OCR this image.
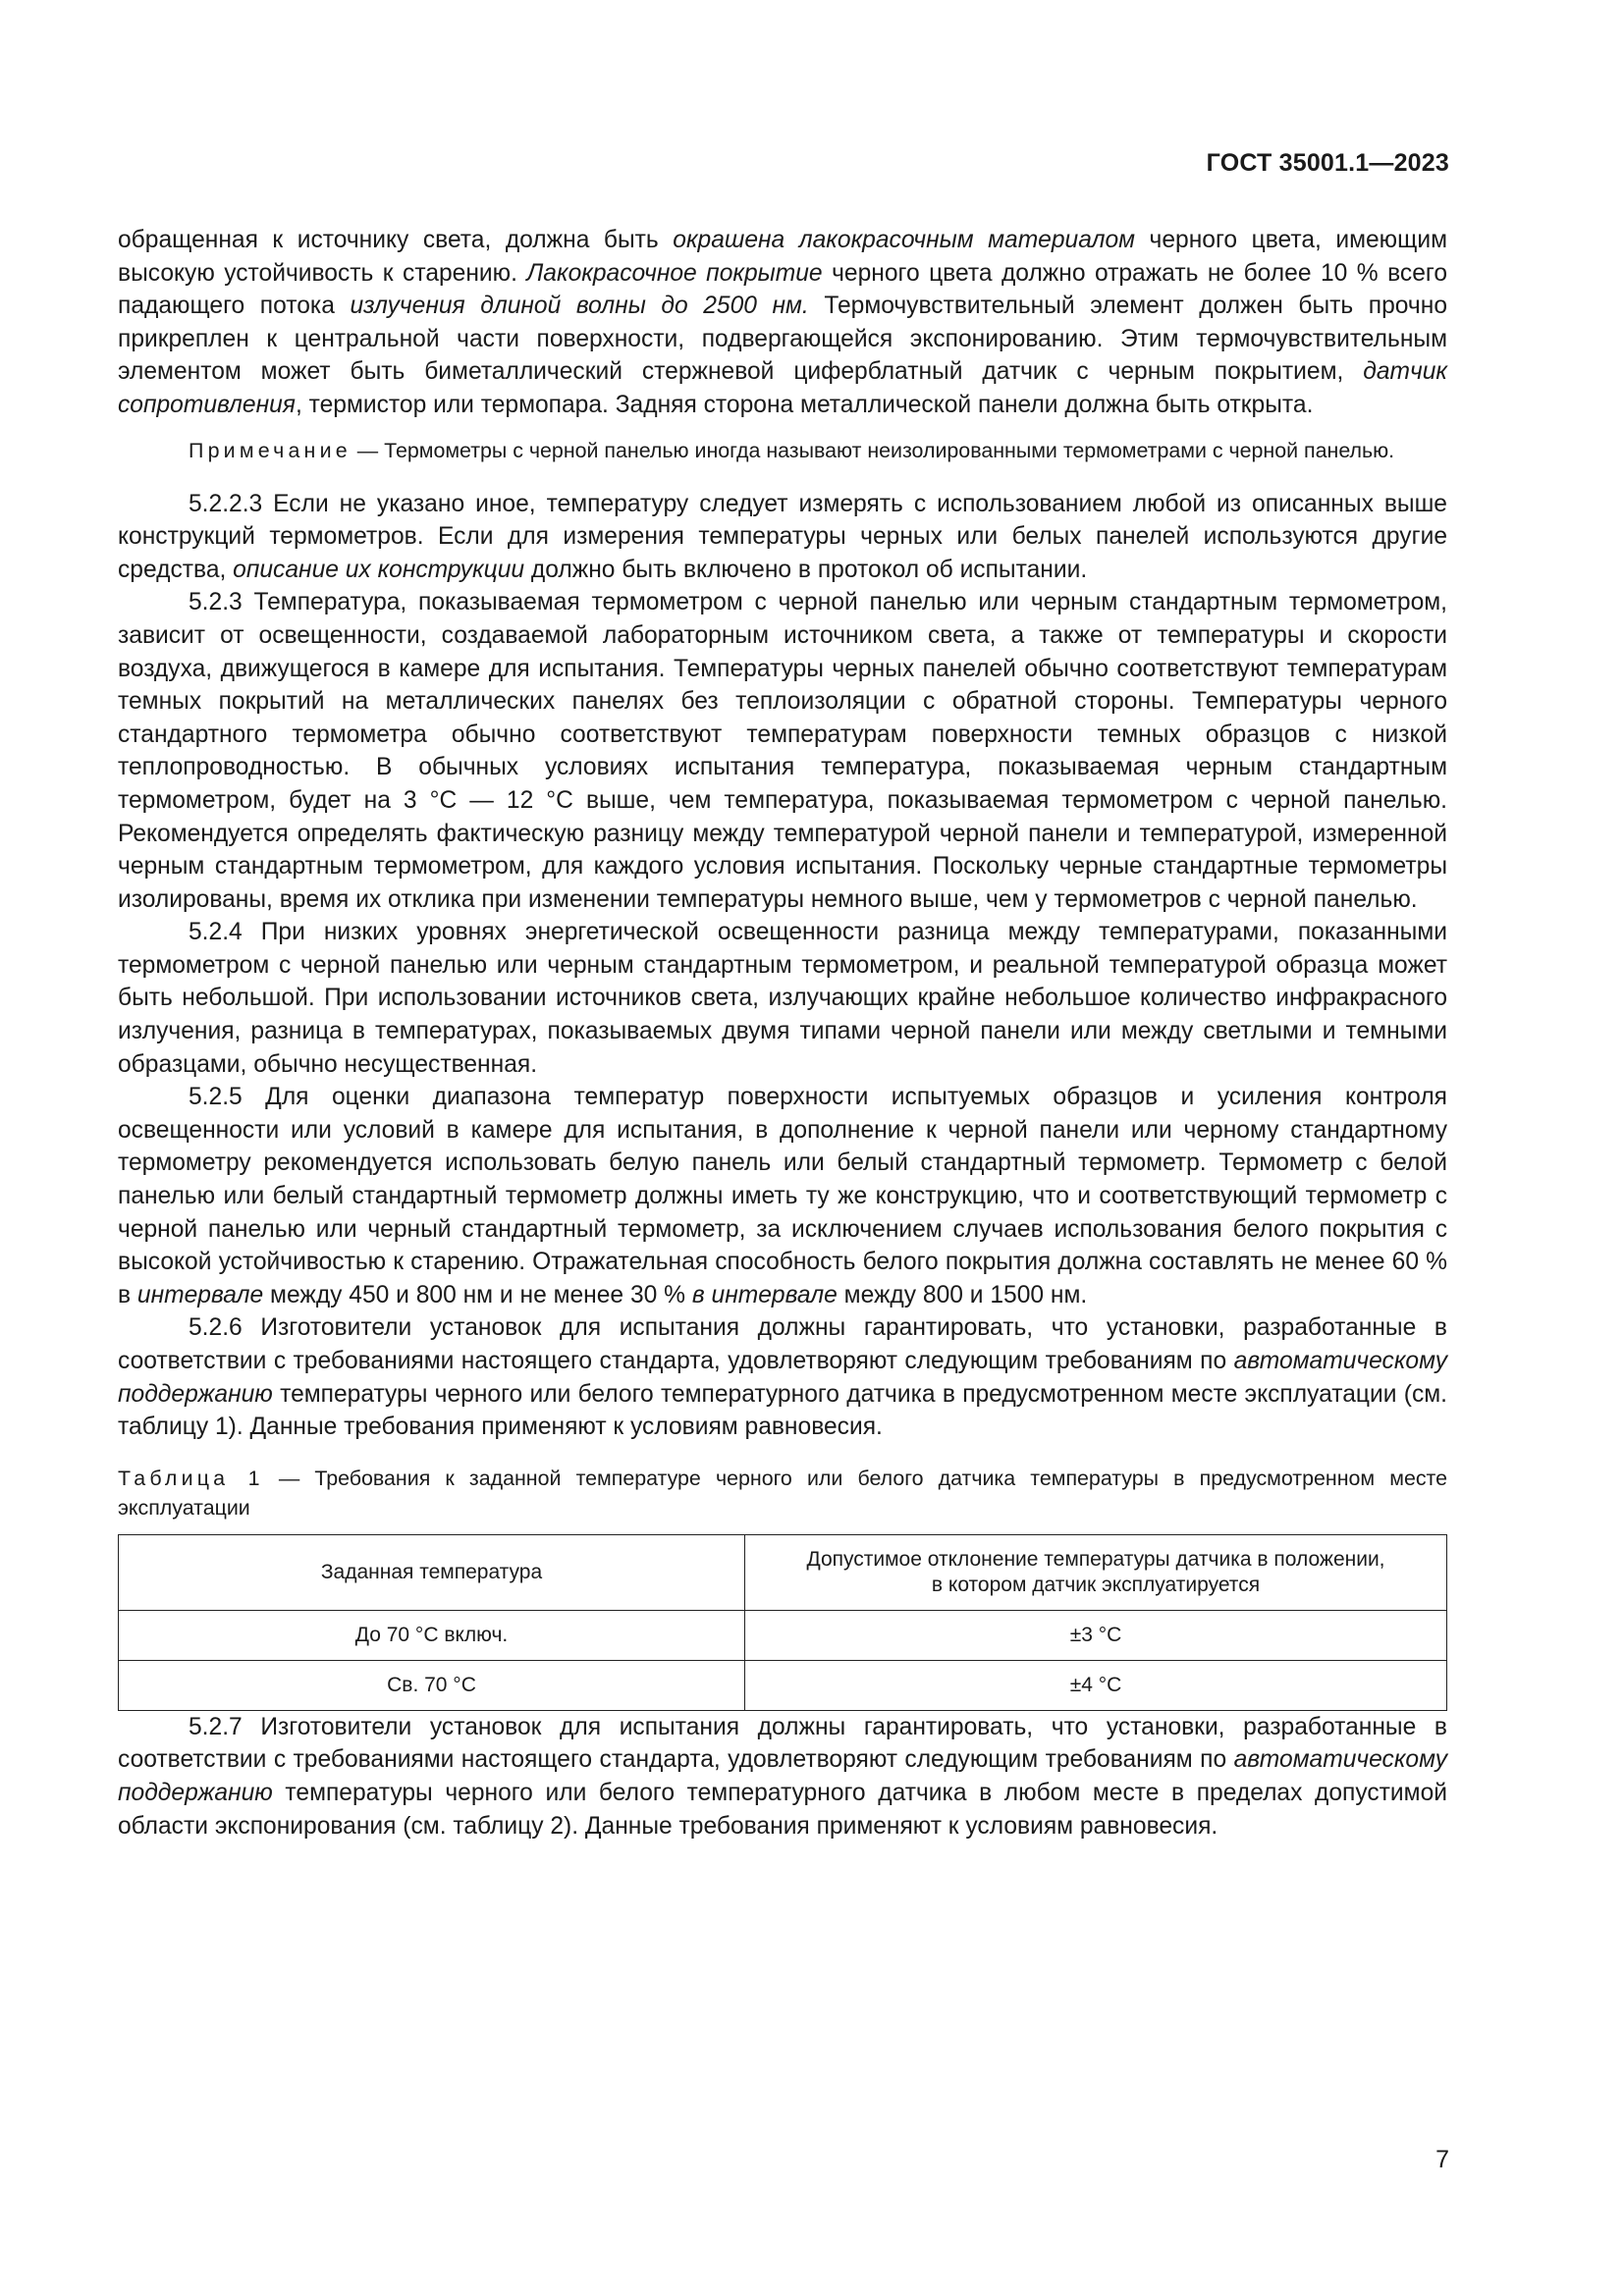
ГОСТ 35001.1—2023

обращенная к источнику света, должна быть окрашена лакокрасочным материалом черного цвета, имеющим высокую устойчивость к старению. Лакокрасочное покрытие черного цвета должно отражать не более 10 % всего падающего потока излучения длиной волны до 2500 нм. Термочувствительный элемент должен быть прочно прикреплен к центральной части поверхности, подвергающейся экспонированию. Этим термочувствительным элементом может быть биметаллический стержневой циферблатный датчик с черным покрытием, датчик сопротивления, термистор или термопара. Задняя сторона металлической панели должна быть открыта.

Примечание — Термометры с черной панелью иногда называют неизолированными термометрами с черной панелью.

5.2.2.3 Если не указано иное, температуру следует измерять с использованием любой из описанных выше конструкций термометров. Если для измерения температуры черных или белых панелей используются другие средства, описание их конструкции должно быть включено в протокол об испытании.

5.2.3 Температура, показываемая термометром с черной панелью или черным стандартным термометром, зависит от освещенности, создаваемой лабораторным источником света, а также от температуры и скорости воздуха, движущегося в камере для испытания. Температуры черных панелей обычно соответствуют температурам темных покрытий на металлических панелях без теплоизоляции с обратной стороны. Температуры черного стандартного термометра обычно соответствуют температурам поверхности темных образцов с низкой теплопроводностью. В обычных условиях испытания температура, показываемая черным стандартным термометром, будет на 3 °С — 12 °С выше, чем температура, показываемая термометром с черной панелью. Рекомендуется определять фактическую разницу между температурой черной панели и температурой, измеренной черным стандартным термометром, для каждого условия испытания. Поскольку черные стандартные термометры изолированы, время их отклика при изменении температуры немного выше, чем у термометров с черной панелью.

5.2.4 При низких уровнях энергетической освещенности разница между температурами, показанными термометром с черной панелью или черным стандартным термометром, и реальной температурой образца может быть небольшой. При использовании источников света, излучающих крайне небольшое количество инфракрасного излучения, разница в температурах, показываемых двумя типами черной панели или между светлыми и темными образцами, обычно несущественная.

5.2.5 Для оценки диапазона температур поверхности испытуемых образцов и усиления контроля освещенности или условий в камере для испытания, в дополнение к черной панели или черному стандартному термометру рекомендуется использовать белую панель или белый стандартный термометр. Термометр с белой панелью или белый стандартный термометр должны иметь ту же конструкцию, что и соответствующий термометр с черной панелью или черный стандартный термометр, за исключением случаев использования белого покрытия с высокой устойчивостью к старению. Отражательная способность белого покрытия должна составлять не менее 60 % в интервале между 450 и 800 нм и не менее 30 % в интервале между 800 и 1500 нм.

5.2.6 Изготовители установок для испытания должны гарантировать, что установки, разработанные в соответствии с требованиями настоящего стандарта, удовлетворяют следующим требованиям по автоматическому поддержанию температуры черного или белого температурного датчика в предусмотренном месте эксплуатации (см. таблицу 1). Данные требования применяют к условиям равновесия.

Таблица 1 — Требования к заданной температуре черного или белого датчика температуры в предусмотренном месте эксплуатации

Заданная температура	Допустимое отклонение температуры датчика в положении,
в котором датчик эксплуатируется
До 70 °С включ.	±3 °С
Св. 70 °С	±4 °С

5.2.7 Изготовители установок для испытания должны гарантировать, что установки, разработанные в соответствии с требованиями настоящего стандарта, удовлетворяют следующим требованиям по автоматическому поддержанию температуры черного или белого температурного датчика в любом месте в пределах допустимой области экспонирования (см. таблицу 2). Данные требования применяют к условиям равновесия.

7
